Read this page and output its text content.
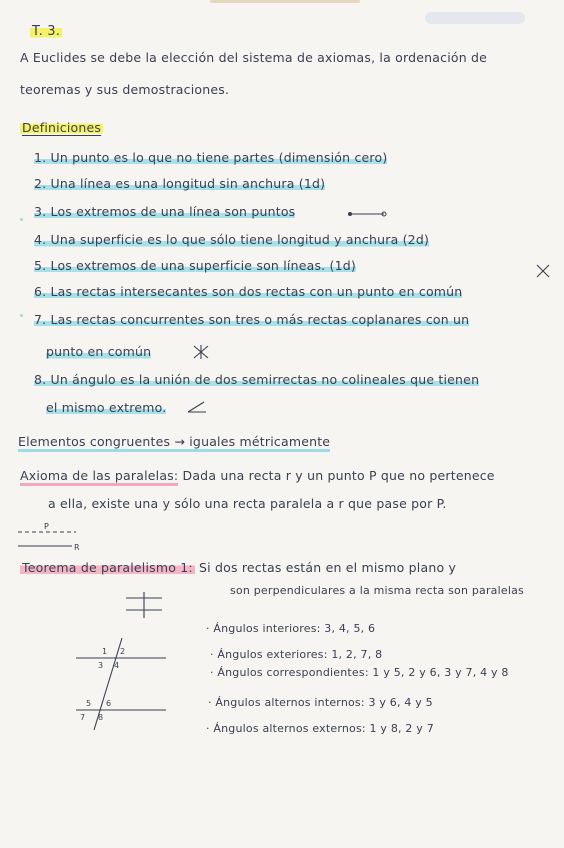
T. 3.
A Euclides se debe la elección del sistema de axiomas, la ordenación de
teoremas y sus demostraciones.
Definiciones
1. Un punto es lo que no tiene partes (dimensión cero)
2. Una línea es una longitud sin anchura (1d)
3. Los extremos de una línea son puntos
4. Una superficie es lo que sólo tiene longitud y anchura (2d)
5. Los extremos de una superficie son líneas. (1d)
6. Las rectas intersecantes son dos rectas con un punto en común
7. Las rectas concurrentes son tres o más rectas coplanares con un
punto en común
8. Un ángulo es la unión de dos semirrectas no colineales que tienen
el mismo extremo.
Elementos congruentes → iguales métricamente
Axioma de las paralelas: Dada una recta r y un punto P que no pertenece
a ella, existe una y sólo una recta paralela a r que pase por P.
P
R
Teorema de paralelismo 1: Si dos rectas están en el mismo plano y
son perpendiculares a la misma recta son paralelas
1 2
3 4
5 6
7 8
· Ángulos interiores: 3, 4, 5, 6
· Ángulos exteriores: 1, 2, 7, 8
· Ángulos correspondientes: 1 y 5, 2 y 6, 3 y 7, 4 y 8
· Ángulos alternos internos: 3 y 6, 4 y 5
· Ángulos alternos externos: 1 y 8, 2 y 7
